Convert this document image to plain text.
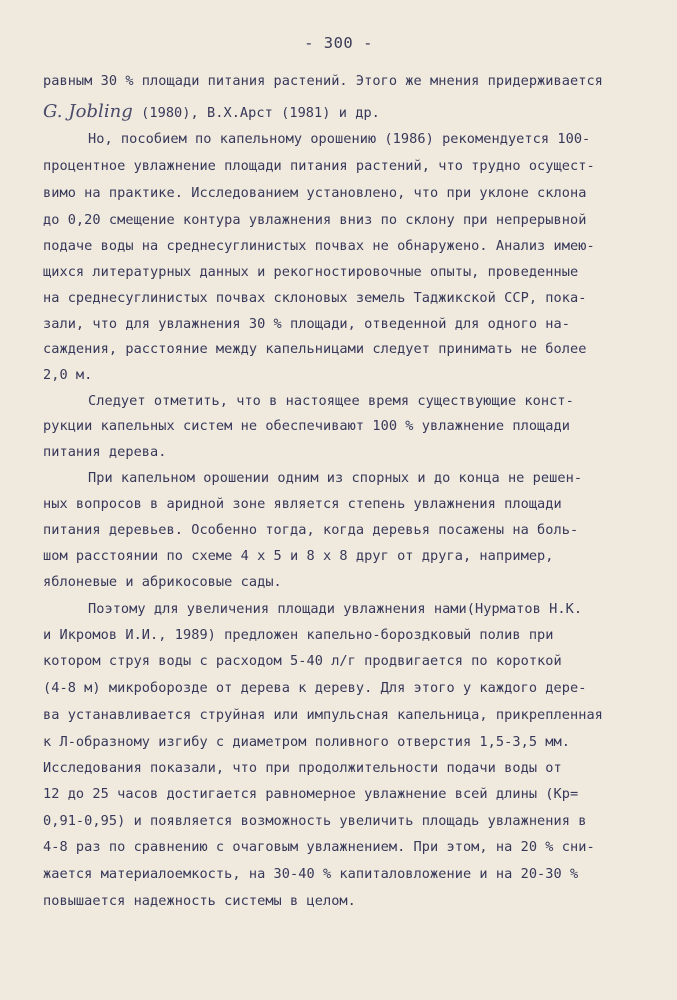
- 300 -
равным 30 % площади питания растений. Этого же мнения придерживается
G. Jobling (1980), В.Х.Арст (1981) и др.
Но, пособием по капельному орошению (1986) рекомендуется 100-
процентное увлажнение площади питания растений, что трудно осущест-
вимо на практике. Исследованием установлено, что при уклоне склона
до 0,20 смещение контура увлажнения вниз по склону при непрерывной
подаче воды на среднесуглинистых почвах не обнаружено. Анализ имею-
щихся литературных данных и рекогностировочные опыты, проведенные
на среднесуглинистых почвах склоновых земель Таджикской ССР, пока-
зали, что для увлажнения 30 % площади, отведенной для одного на-
саждения, расстояние между капельницами следует принимать не более
2,0 м.
Следует отметить, что в настоящее время существующие конст-
рукции капельных систем не обеспечивают 100 % увлажнение площади
питания дерева.
При капельном орошении одним из спорных и до конца не решен-
ных вопросов в аридной зоне является степень увлажнения площади
питания деревьев. Особенно тогда, когда деревья посажены на боль-
шом расстоянии по схеме 4 х 5 и 8 х 8 друг от друга, например,
яблоневые и абрикосовые сады.
Поэтому для увеличения площади увлажнения нами(Нурматов Н.К.
и Икромов И.И., 1989) предложен капельно-бороздковый полив при
котором струя воды с расходом 5-40 л/г продвигается по короткой
(4-8 м) микроборозде от дерева к дереву. Для этого у каждого дере-
ва устанавливается струйная или импульсная капельница, прикрепленная
к Л-образному изгибу с диаметром поливного отверстия 1,5-3,5 мм.
Исследования показали, что при продолжительности подачи воды от
12 до 25 часов достигается равномерное увлажнение всей длины (Кр=
0,91-0,95) и появляется возможность увеличить площадь увлажнения в
4-8 раз по сравнению с очаговым увлажнением. При этом, на 20 % сни-
жается материалоемкость, на 30-40 % капиталовложение и на 20-30 %
повышается надежность системы в целом.
